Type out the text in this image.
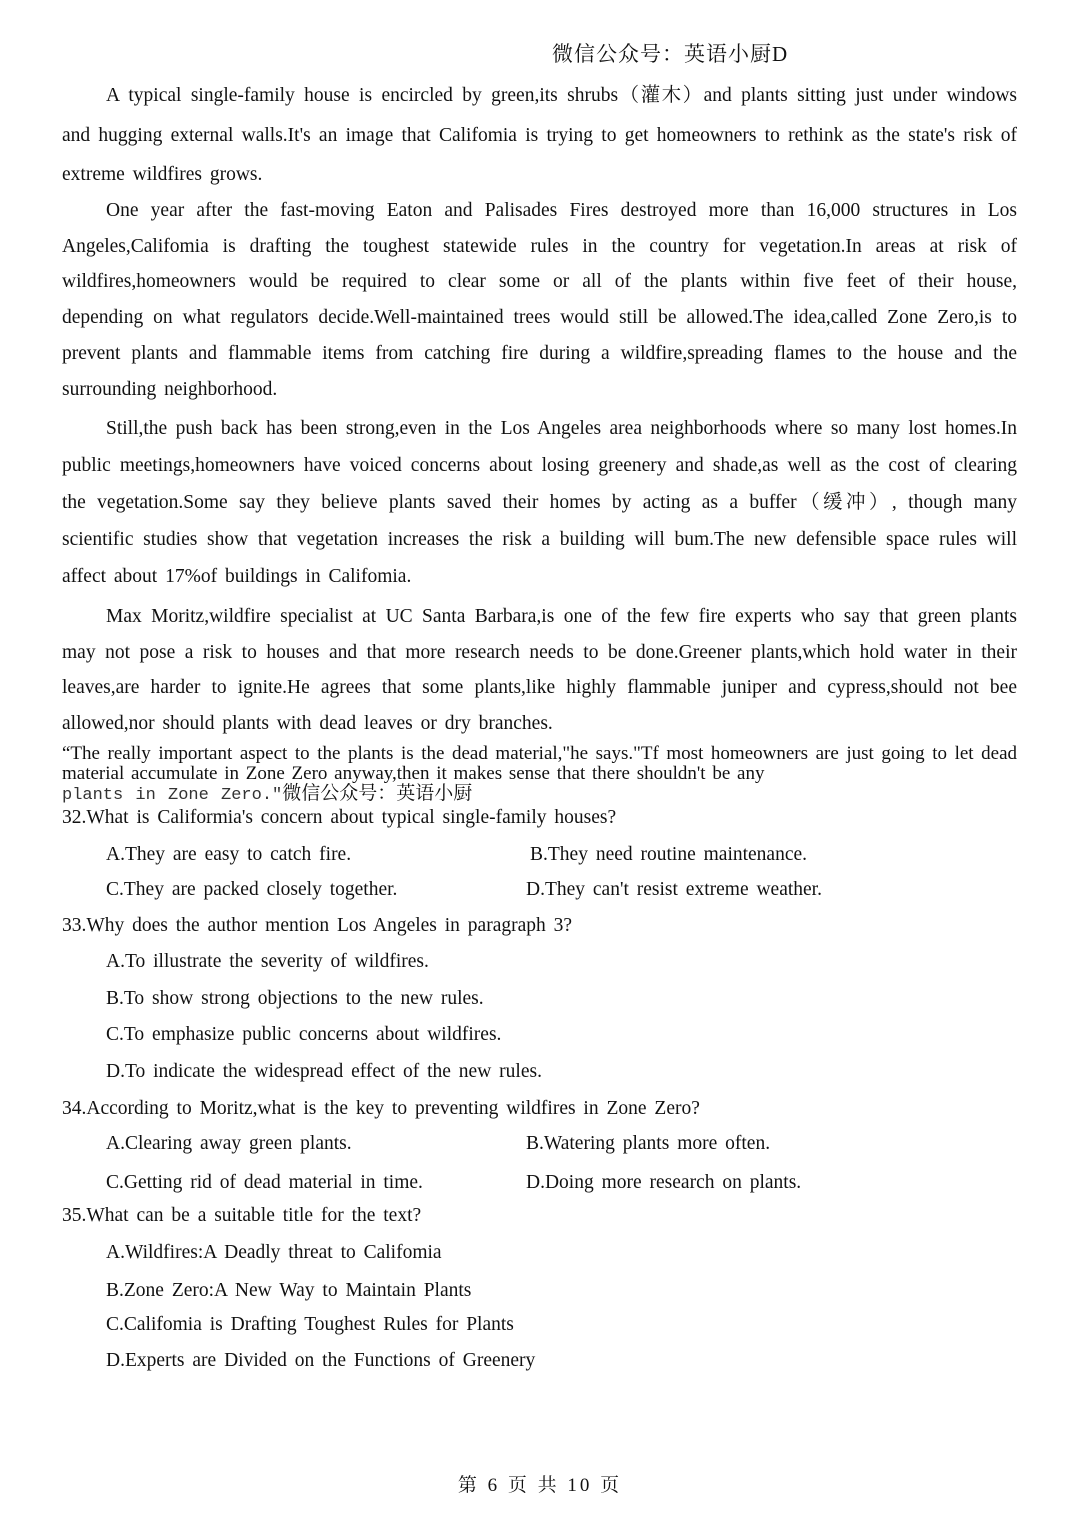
微信公众号：英语小厨D

A typical single-family house is encircled by green,its shrubs（灌木）and plants sitting just under windows and hugging external walls.It's an image that Califomia is trying to get homeowners to rethink as the state's risk of extreme wildfires grows.

One year after the fast-moving Eaton and Palisades Fires destroyed more than 16,000 structures in Los Angeles,Califomia is drafting the toughest statewide rules in the country for vegetation.In areas at risk of wildfires,homeowners would be required to clear some or all of the plants within five feet of their house, depending on what regulators decide.Well-maintained trees would still be allowed.The idea,called Zone Zero,is to prevent plants and flammable items from catching fire during a wildfire,spreading flames to the house and the surrounding neighborhood.

Still,the push back has been strong,even in the Los Angeles area neighborhoods where so many lost homes.In public meetings,homeowners have voiced concerns about losing greenery and shade,as well as the cost of clearing the vegetation.Some say they believe plants saved their homes by acting as a buffer（缓冲）, though many scientific studies show that vegetation increases the risk a building will bum.The new defensible space rules will affect about 17%of buildings in Califomia.

Max Moritz,wildfire specialist at UC Santa Barbara,is one of the few fire experts who say that green plants may not pose a risk to houses and that more research needs to be done.Greener plants,which hold water in their leaves,are harder to ignite.He agrees that some plants,like highly flammable juniper and cypress,should not bee allowed,nor should plants with dead leaves or dry branches.

“The really important aspect to the plants is the dead material,"he says."Tf most homeowners are just going to let dead material accumulate in Zone Zero anyway,then it makes sense that there shouldn't be any
plants in Zone Zero.″微信公众号：英语小厨

32.What is Califormia's concern about typical single-family houses?
A.They are easy to catch fire.	B.They need routine maintenance.
C.They are packed closely together.	D.They can't resist extreme weather.
33.Why does the author mention Los Angeles in paragraph 3?
A.To illustrate the severity of wildfires.
B.To show strong objections to the new rules.
C.To emphasize public concerns about wildfires.
D.To indicate the widespread effect of the new rules.
34.According to Moritz,what is the key to preventing wildfires in Zone Zero?
A.Clearing away green plants.	B.Watering plants more often.
C.Getting rid of dead material in time.	D.Doing more research on plants.
35.What can be a suitable title for the text?
A.Wildfires:A Deadly threat to Califomia
B.Zone Zero:A New Way to Maintain Plants
C.Califomia is Drafting Toughest Rules for Plants
D.Experts are Divided on the Functions of Greenery
第 6 页 共 10 页
